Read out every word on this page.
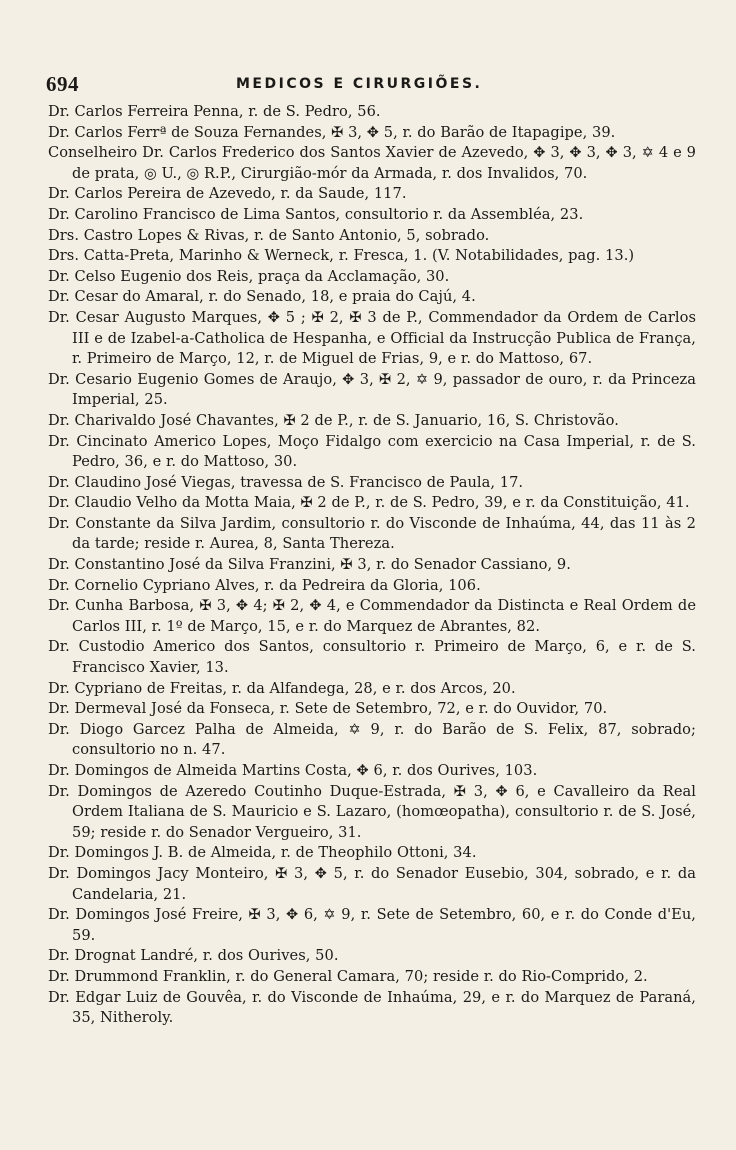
694	MEDICOS E CIRURGIÕES.

Dr. Carlos Ferreira Penna, r. de S. Pedro, 56.

Dr. Carlos Ferrª de Souza Fernandes, ✠ 3, ✥ 5, r. do Barão de Itapagipe, 39.

Conselheiro Dr. Carlos Frederico dos Santos Xavier de Azevedo, ✥ 3, ✥ 3, ✥ 3, ✡ 4 e 9 de prata, ◎ U., ◎ R.P., Cirurgião-mór da Armada, r. dos Invalidos, 70.

Dr. Carlos Pereira de Azevedo, r. da Saude, 117.

Dr. Carolino Francisco de Lima Santos, consultorio r. da Assembléa, 23.

Drs. Castro Lopes & Rivas, r. de Santo Antonio, 5, sobrado.

Drs. Catta-Preta, Marinho & Werneck, r. Fresca, 1. (V. Notabilidades, pag. 13.)

Dr. Celso Eugenio dos Reis, praça da Acclamação, 30.

Dr. Cesar do Amaral, r. do Senado, 18, e praia do Cajú, 4.

Dr. Cesar Augusto Marques, ✥ 5 ; ✠ 2, ✠ 3 de P., Commendador da Ordem de Carlos III e de Izabel-a-Catholica de Hespanha, e Official da Instrucção Publica de França, r. Primeiro de Março, 12, r. de Miguel de Frias, 9, e r. do Mattoso, 67.

Dr. Cesario Eugenio Gomes de Araujo, ✥ 3, ✠ 2, ✡ 9, passador de ouro, r. da Princeza Imperial, 25.

Dr. Charivaldo José Chavantes, ✠ 2 de P., r. de S. Januario, 16, S. Christovão.

Dr. Cincinato Americo Lopes, Moço Fidalgo com exercicio na Casa Imperial, r. de S. Pedro, 36, e r. do Mattoso, 30.

Dr. Claudino José Viegas, travessa de S. Francisco de Paula, 17.

Dr. Claudio Velho da Motta Maia, ✠ 2 de P., r. de S. Pedro, 39, e r. da Constituição, 41.

Dr. Constante da Silva Jardim, consultorio r. do Visconde de Inhaúma, 44, das 11 às 2 da tarde; reside r. Aurea, 8, Santa Thereza.

Dr. Constantino José da Silva Franzini, ✠ 3, r. do Senador Cassiano, 9.

Dr. Cornelio Cypriano Alves, r. da Pedreira da Gloria, 106.

Dr. Cunha Barbosa, ✠ 3, ✥ 4; ✠ 2, ✥ 4, e Commendador da Distincta e Real Ordem de Carlos III, r. 1º de Março, 15, e r. do Marquez de Abrantes, 82.

Dr. Custodio Americo dos Santos, consultorio r. Primeiro de Março, 6, e r. de S. Francisco Xavier, 13.

Dr. Cypriano de Freitas, r. da Alfandega, 28, e r. dos Arcos, 20.

Dr. Dermeval José da Fonseca, r. Sete de Setembro, 72, e r. do Ouvidor, 70.

Dr. Diogo Garcez Palha de Almeida, ✡ 9, r. do Barão de S. Felix, 87, sobrado; consultorio no n. 47.

Dr. Domingos de Almeida Martins Costa, ✥ 6, r. dos Ourives, 103.

Dr. Domingos de Azeredo Coutinho Duque-Estrada, ✠ 3, ✥ 6, e Cavalleiro da Real Ordem Italiana de S. Mauricio e S. Lazaro, (homœopatha), consultorio r. de S. José, 59; reside r. do Senador Vergueiro, 31.

Dr. Domingos J. B. de Almeida, r. de Theophilo Ottoni, 34.

Dr. Domingos Jacy Monteiro, ✠ 3, ✥ 5, r. do Senador Eusebio, 304, sobrado, e r. da Candelaria, 21.

Dr. Domingos José Freire, ✠ 3, ✥ 6, ✡ 9, r. Sete de Setembro, 60, e r. do Conde d'Eu, 59.

Dr. Drognat Landré, r. dos Ourives, 50.

Dr. Drummond Franklin, r. do General Camara, 70; reside r. do Rio-Comprido, 2.

Dr. Edgar Luiz de Gouvêa, r. do Visconde de Inhaúma, 29, e r. do Marquez de Paraná, 35, Nitheroly.
